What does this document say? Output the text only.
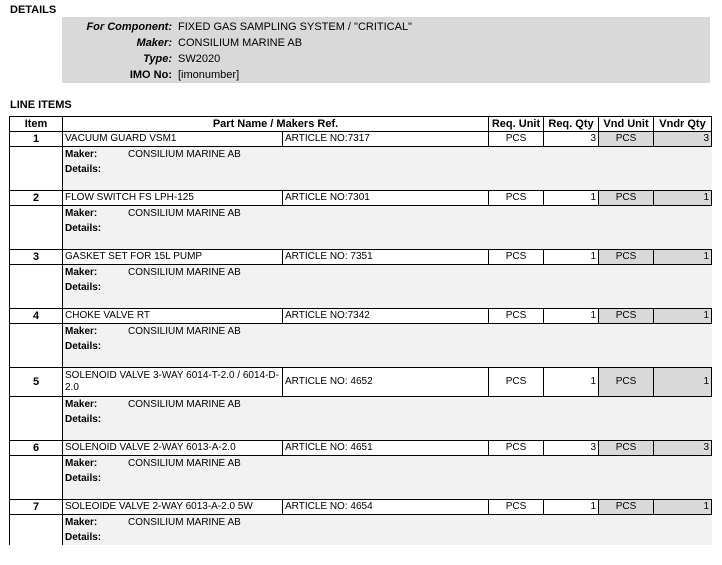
DETAILS
For Component: FIXED GAS SAMPLING SYSTEM / "CRITICAL"
Maker: CONSILIUM MARINE AB
Type: SW2020
IMO No: [imonumber]
LINE ITEMS
Item	Part Name / Makers Ref.		Req. Unit	Req. Qty	Vnd Unit	Vndr Qty
1	VACUUM GUARD VSM1	ARTICLE NO:7317	PCS	3	PCS	3

	Maker: CONSILIUM MARINE AB					

	Details:					

2	FLOW SWITCH FS LPH-125	ARTICLE NO:7301	PCS	1	PCS	1

	Maker: CONSILIUM MARINE AB					

	Details:					

3	GASKET SET FOR 15L PUMP	ARTICLE NO: 7351	PCS	1	PCS	1

	Maker: CONSILIUM MARINE AB					

	Details:					

4	CHOKE VALVE RT	ARTICLE NO:7342	PCS	1	PCS	1

	Maker: CONSILIUM MARINE AB					

	Details:					

5	SOLENOID VALVE 3-WAY 6014-T-2.0 / 6014-D-2.0	ARTICLE NO: 4652	PCS	1	PCS	1

	Maker: CONSILIUM MARINE AB					

	Details:					

6	SOLENOID VALVE 2-WAY 6013-A-2.0	ARTICLE NO: 4651	PCS	3	PCS	3

	Maker: CONSILIUM MARINE AB					

	Details:					

7	SOLEOIDE VALVE 2-WAY 6013-A-2.0 5W	ARTICLE NO: 4654	PCS	1	PCS	1

	Maker: CONSILIUM MARINE AB					

	Details:					
